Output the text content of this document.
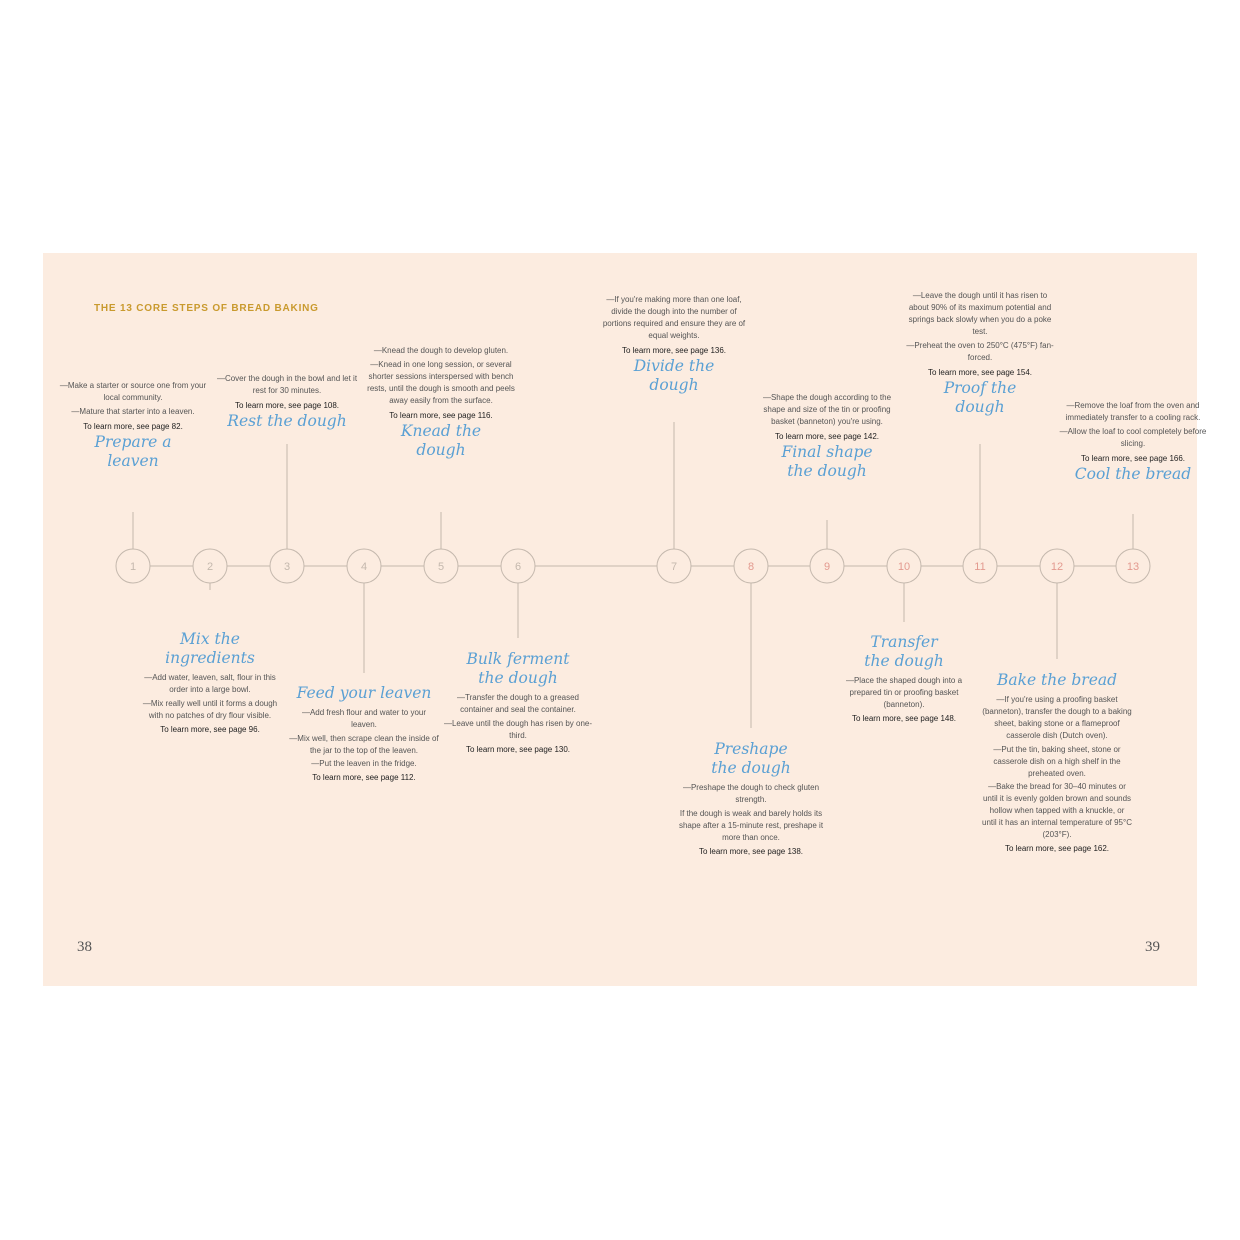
THE 13 CORE STEPS OF BREAD BAKING
38	39
1	2	3	4	5	6	7	8	9	10	11	12	13

—Make a starter or source one from your local community.

—Mature that starter into a leaven.

To learn more, see page 82.

Prepare a
leaven
Mix the
ingredients

—Add water, leaven, salt, flour in this order into a large bowl.

—Mix really well until it forms a dough with no patches of dry flour visible.

To learn more, see page 96.

—Cover the dough in the bowl and let it rest for 30 minutes.

To learn more, see page 108.

Rest the dough
Feed your leaven

—Add fresh flour and water to your leaven.

—Mix well, then scrape clean the inside of the jar to the top of the leaven.

—Put the leaven in the fridge.

To learn more, see page 112.

—Knead the dough to develop gluten.

—Knead in one long session, or several shorter sessions interspersed with bench rests, until the dough is smooth and peels away easily from the surface.

To learn more, see page 116.

Knead the
dough
Bulk ferment
the dough

—Transfer the dough to a greased container and seal the container.

—Leave until the dough has risen by one-third.

To learn more, see page 130.

—If you're making more than one loaf, divide the dough into the number of portions required and ensure they are of equal weights.

To learn more, see page 136.

Divide the
dough
Preshape
the dough

—Preshape the dough to check gluten strength.

If the dough is weak and barely holds its shape after a 15-minute rest, preshape it more than once.

To learn more, see page 138.

—Shape the dough according to the shape and size of the tin or proofing basket (banneton) you're using.

To learn more, see page 142.

Final shape
the dough
Transfer
the dough

—Place the shaped dough into a prepared tin or proofing basket (banneton).

To learn more, see page 148.

—Leave the dough until it has risen to about 90% of its maximum potential and springs back slowly when you do a poke test.

—Preheat the oven to 250°C (475°F) fan-forced.

To learn more, see page 154.

Proof the
dough
Bake the bread

—If you're using a proofing basket (banneton), transfer the dough to a baking sheet, baking stone or a flameproof casserole dish (Dutch oven).

—Put the tin, baking sheet, stone or casserole dish on a high shelf in the preheated oven.

—Bake the bread for 30–40 minutes or until it is evenly golden brown and sounds hollow when tapped with a knuckle, or until it has an internal temperature of 95°C (203°F).

To learn more, see page 162.

—Remove the loaf from the oven and immediately transfer to a cooling rack.

—Allow the loaf to cool completely before slicing.

To learn more, see page 166.

Cool the bread
